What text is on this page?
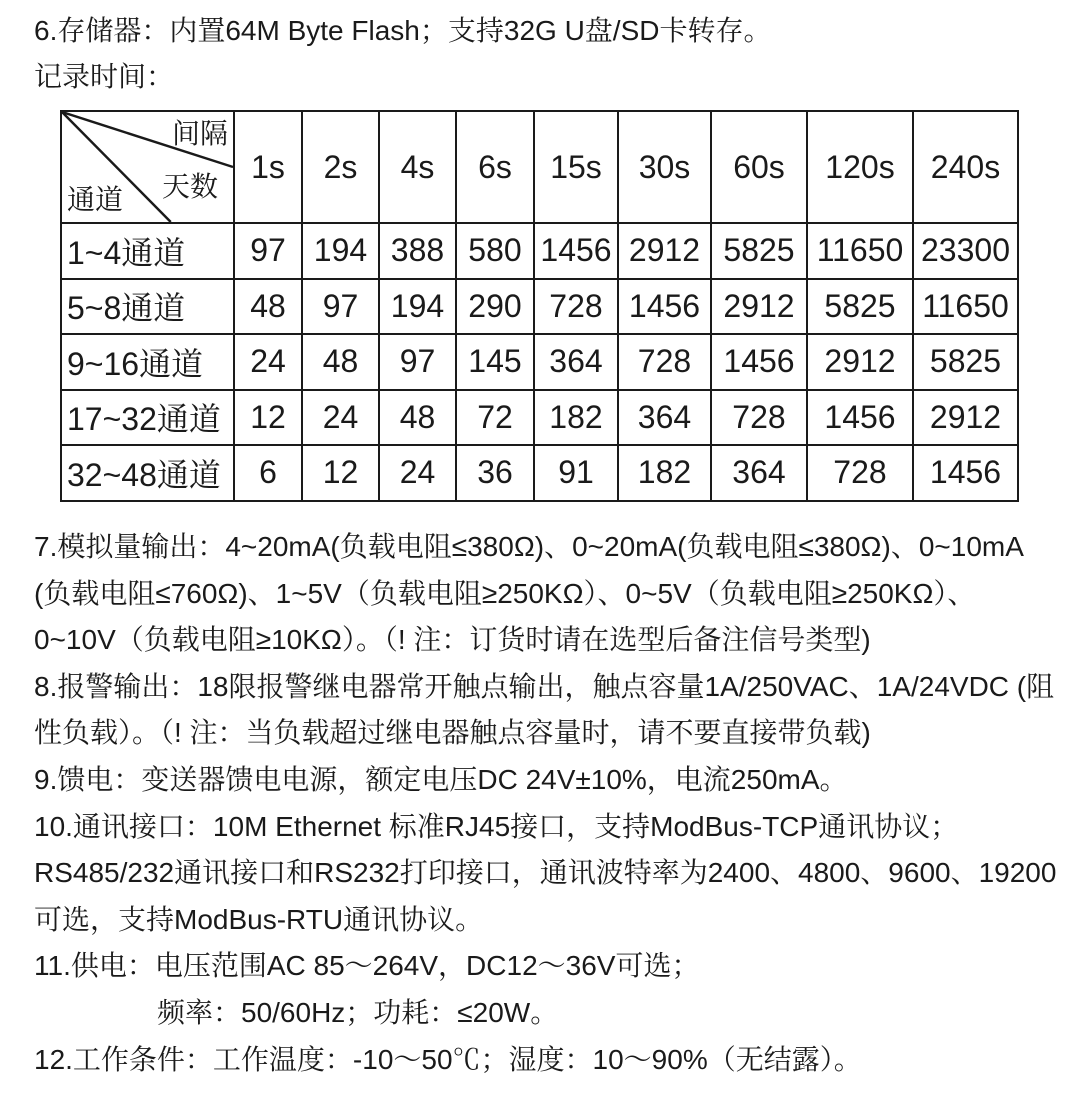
6.存储器：内置64M Byte Flash；支持32G U盘/SD卡转存。
记录时间：
间隔
天数
通道	1s	2s	4s	6s	15s	30s	60s	120s	240s
1~4通道	97	194	388	580	1456	2912	5825	11650	23300
5~8通道	48	97	194	290	728	1456	2912	5825	11650
9~16通道	24	48	97	145	364	728	1456	2912	5825
17~32通道	12	24	48	72	182	364	728	1456	2912
32~48通道	6	12	24	36	91	182	364	728	1456
7.模拟量输出：4~20mA(负载电阻≤380Ω)、0~20mA(负载电阻≤380Ω)、0~10mA
(负载电阻≤760Ω)、1~5V（负载电阻≥250KΩ）、0~5V（负载电阻≥250KΩ）、
0~10V（负载电阻≥10KΩ）。（! 注：订货时请在选型后备注信号类型)
8.报警输出：18限报警继电器常开触点输出，触点容量1A/250VAC、1A/24VDC (阻
性负载）。（! 注：当负载超过继电器触点容量时，请不要直接带负载)
9.馈电：变送器馈电电源，额定电压DC 24V±10%，电流250mA。
10.通讯接口：10M Ethernet 标准RJ45接口，支持ModBus-TCP通讯协议；
RS485/232通讯接口和RS232打印接口，通讯波特率为2400、4800、9600、19200
可选，支持ModBus-RTU通讯协议。
11.供电：电压范围AC 85～264V，DC12～36V可选；
频率：50/60Hz；功耗：≤20W。
12.工作条件：工作温度：-10～50℃；湿度：10～90%（无结露）。
